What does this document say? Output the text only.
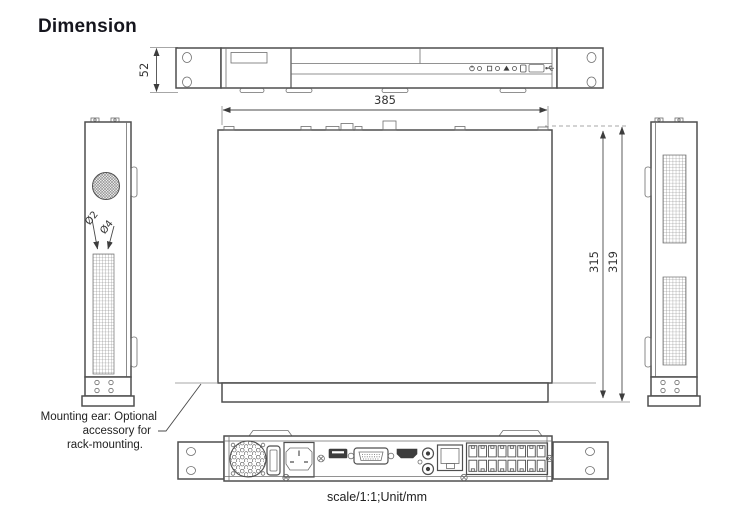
Dimension
52
385
315 319
Ø2
Ø4
Mounting ear: Optional
accessory for
rack-mounting.
scale/1:1;Unit/mm
